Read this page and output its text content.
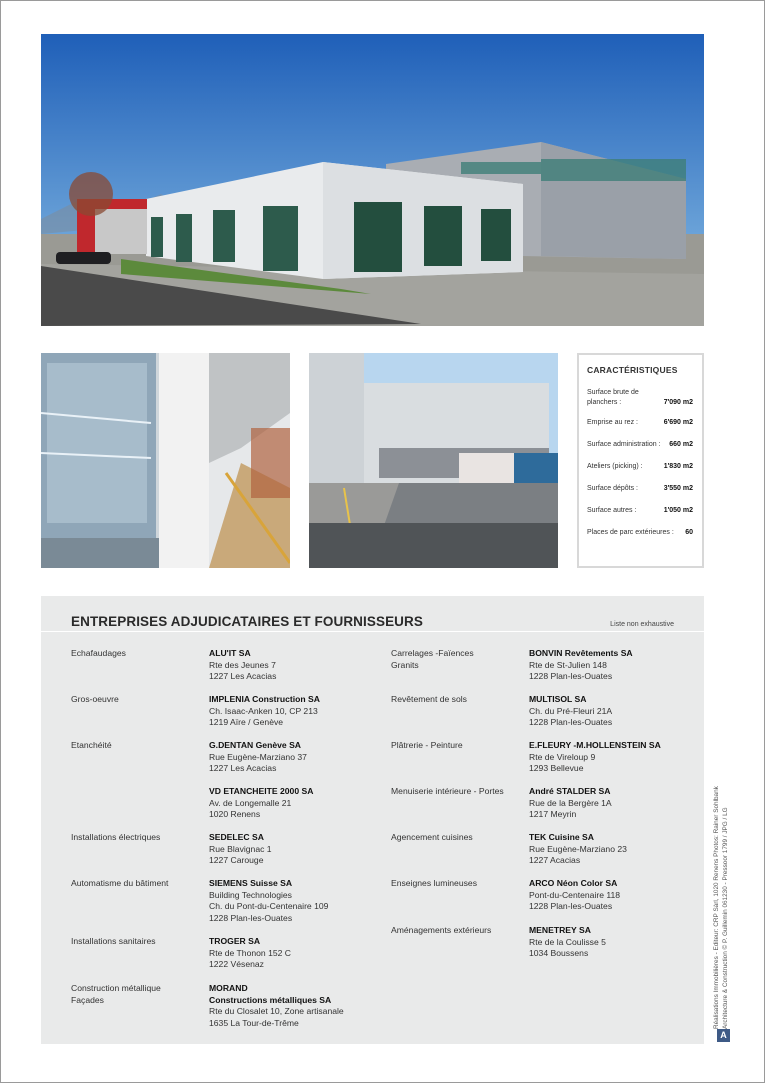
CARACTÉRISTIQUES
Surface brute de planchers :	7'090 m2
Emprise au rez :	6'690 m2
Surface administration :	660 m2
Ateliers (picking) :	1'830 m2
Surface dépôts :	3'550 m2
Surface autres :	1'050 m2
Places de parc extérieures :	60
ENTREPRISES ADJUDICATAIRES ET FOURNISSEURS	Liste non exhaustive
Echafaudages	ALU'IT SA
Rte des Jeunes 7
1227 Les Acacias
Gros-oeuvre	IMPLENIA Construction SA
Ch. Isaac-Anken 10, CP 213
1219 Aïre / Genève
Etanchéité	G.DENTAN Genève SA
Rue Eugène-Marziano 37
1227 Les Acacias
VD ETANCHEITE 2000 SA
Av. de Longemalle 21
1020 Renens
Installations électriques	SEDELEC SA
Rue Blavignac 1
1227 Carouge
Automatisme du bâtiment	SIEMENS Suisse SA
Building Technologies
Ch. du Pont-du-Centenaire 109
1228 Plan-les-Ouates
Installations sanitaires	TROGER SA
Rte de Thonon 152 C
1222 Vésenaz
Construction métallique
Façades
MORAND
Constructions métalliques SA
Rte du Closalet 10, Zone artisanale
1635 La Tour-de-Trême
Carrelages -Faïences
Granits
BONVIN Revêtements SA
Rte de St-Julien 148
1228 Plan-les-Ouates
Revêtement de sols	MULTISOL SA
Ch. du Pré-Fleuri 21A
1228 Plan-les-Ouates
Plâtrerie - Peinture	E.FLEURY -M.HOLLENSTEIN SA
Rte de Vireloup 9
1293 Bellevue
Menuiserie intérieure - Portes	André STALDER SA
Rue de la Bergère 1A
1217 Meyrin
Agencement cuisines	TEK Cuisine SA
Rue Eugène-Marziano 23
1227 Acacias
Enseignes lumineuses	ARCO Néon Color SA
Pont-du-Centenaire 118
1228 Plan-les-Ouates
Aménagements extérieurs	MENETREY SA
Rte de la Coulisse 5
1034 Boussens	Réalisations Immobilières - Editeur: CRP Sàrl, 1020 Renens Photos: Rainer Sohlbank Architecture & Construction © P. Guillemin 061230 - Pressoor 1799 / JPG / LG
A
